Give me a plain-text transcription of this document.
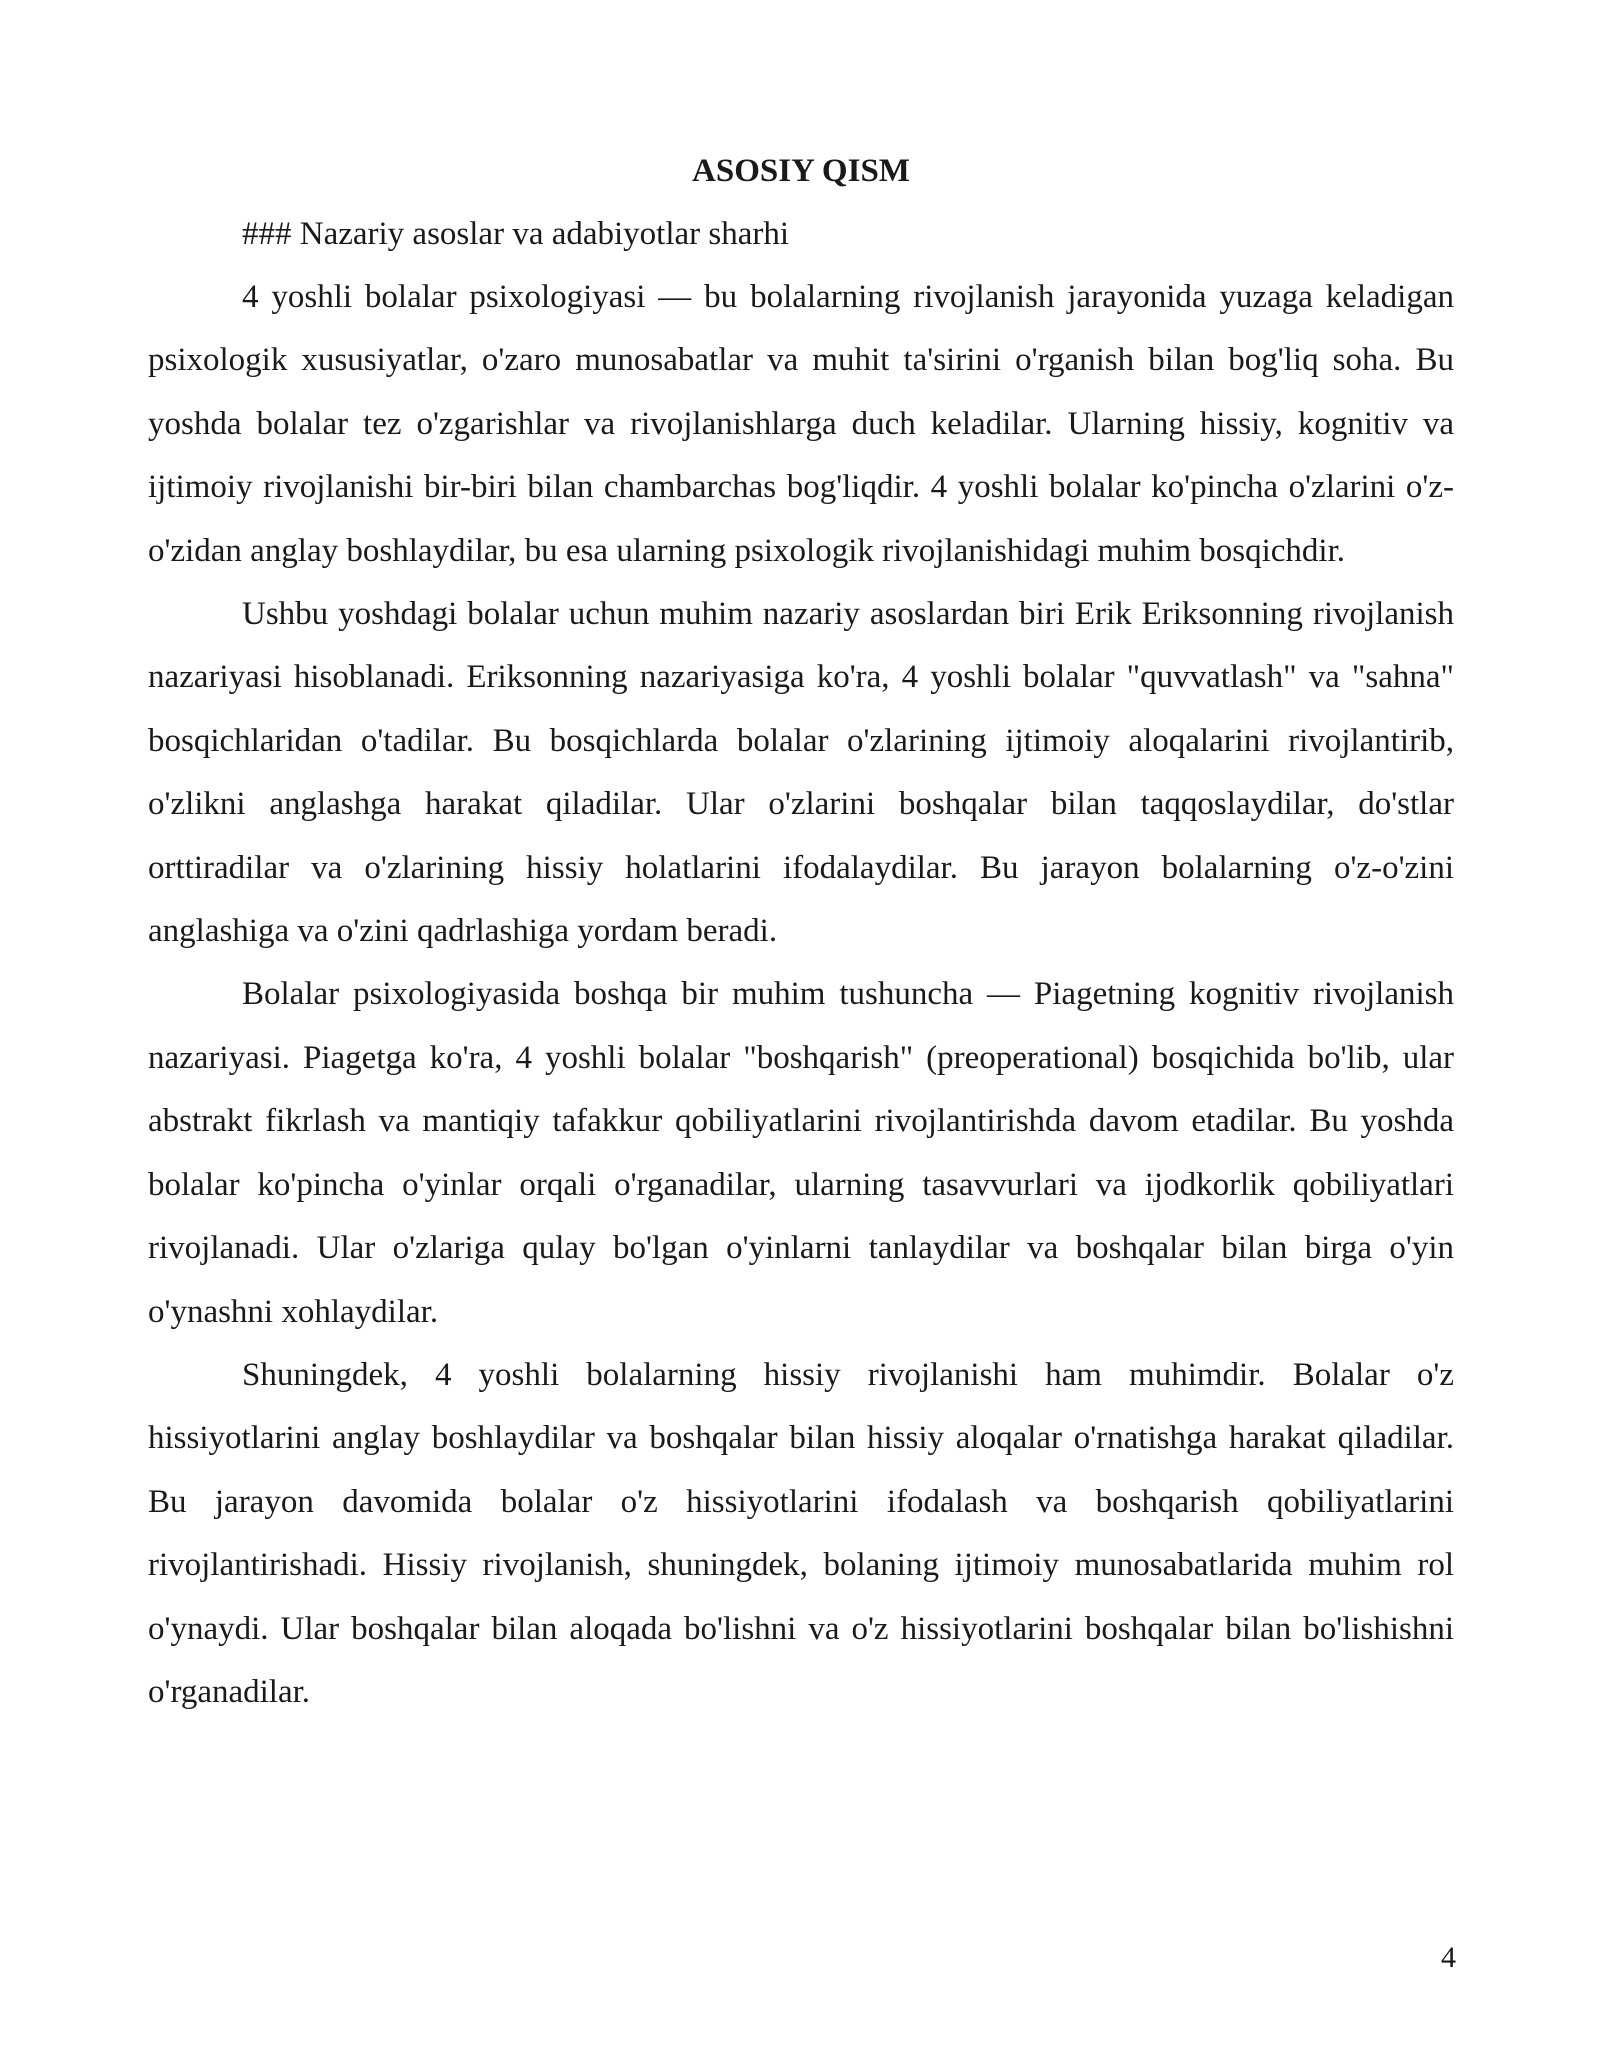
ASOSIY QISM

### Nazariy asoslar va adabiyotlar sharhi

4 yoshli bolalar psixologiyasi — bu bolalarning rivojlanish jarayonida yuzaga keladigan psixologik xususiyatlar, o'zaro munosabatlar va muhit ta'sirini o'rganish bilan bog'liq soha. Bu yoshda bolalar tez o'zgarishlar va rivojlanishlarga duch keladilar. Ularning hissiy, kognitiv va ijtimoiy rivojlanishi bir-biri bilan chambarchas bog'liqdir. 4 yoshli bolalar ko'pincha o'zlarini o'z-o'zidan anglay boshlaydilar, bu esa ularning psixologik rivojlanishidagi muhim bosqichdir.

Ushbu yoshdagi bolalar uchun muhim nazariy asoslardan biri Erik Eriksonning rivojlanish nazariyasi hisoblanadi. Eriksonning nazariyasiga ko'ra, 4 yoshli bolalar "quvvatlash" va "sahna" bosqichlaridan o'tadilar. Bu bosqichlarda bolalar o'zlarining ijtimoiy aloqalarini rivojlantirib, o'zlikni anglashga harakat qiladilar. Ular o'zlarini boshqalar bilan taqqoslaydilar, do'stlar orttiradilar va o'zlarining hissiy holatlarini ifodalaydilar. Bu jarayon bolalarning o'z-o'zini anglashiga va o'zini qadrlashiga yordam beradi.

Bolalar psixologiyasida boshqa bir muhim tushuncha — Piagetning kognitiv rivojlanish nazariyasi. Piagetga ko'ra, 4 yoshli bolalar "boshqarish" (preoperational) bosqichida bo'lib, ular abstrakt fikrlash va mantiqiy tafakkur qobiliyatlarini rivojlantirishda davom etadilar. Bu yoshda bolalar ko'pincha o'yinlar orqali o'rganadilar, ularning tasavvurlari va ijodkorlik qobiliyatlari rivojlanadi. Ular o'zlariga qulay bo'lgan o'yinlarni tanlaydilar va boshqalar bilan birga o'yin o'ynashni xohlaydilar.

Shuningdek, 4 yoshli bolalarning hissiy rivojlanishi ham muhimdir. Bolalar o'z hissiyotlarini anglay boshlaydilar va boshqalar bilan hissiy aloqalar o'rnatishga harakat qiladilar. Bu jarayon davomida bolalar o'z hissiyotlarini ifodalash va boshqarish qobiliyatlarini rivojlantirishadi. Hissiy rivojlanish, shuningdek, bolaning ijtimoiy munosabatlarida muhim rol o'ynaydi. Ular boshqalar bilan aloqada bo'lishni va o'z hissiyotlarini boshqalar bilan bo'lishishni o'rganadilar.

4
